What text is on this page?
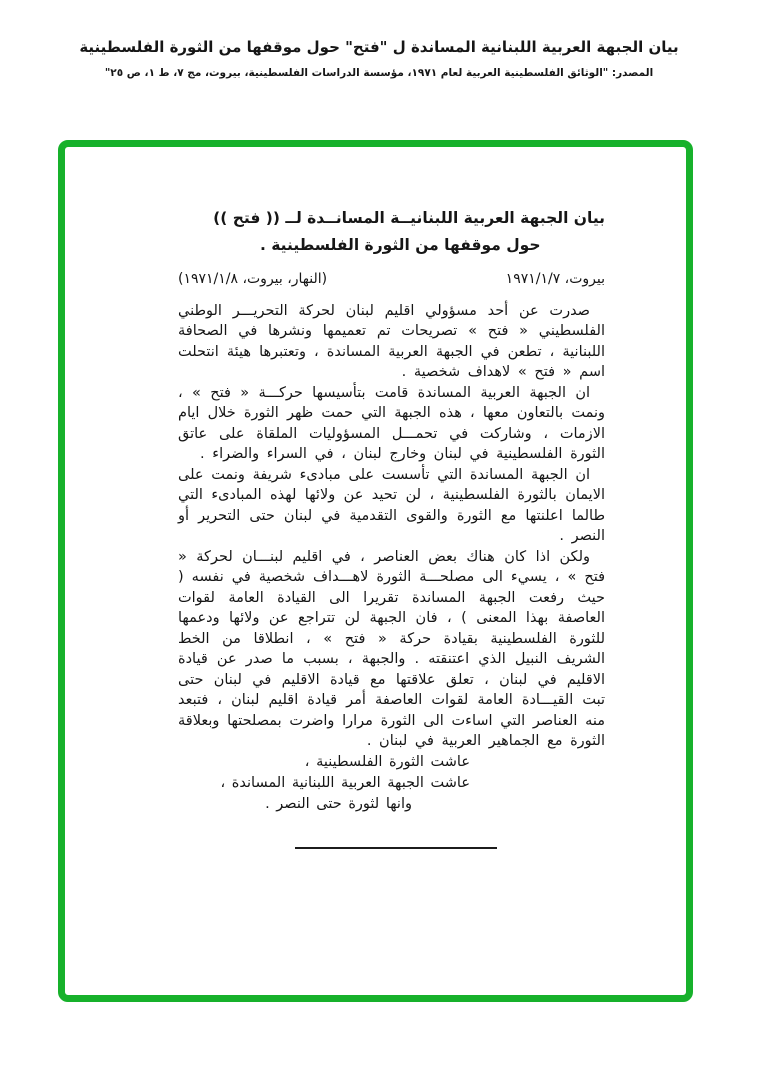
بيان الجبهة العربية اللبنانية المساندة ل "فتح" حول موقفها من الثورة الفلسطينية
المصدر: "الوثائق الفلسطينية العربية لعام ١٩٧١، مؤسسة الدراسات الفلسطينية، بيروت، مج ٧، ط ١، ص ٢٥"
بيان الجبهة العربية اللبنانيــة المسانــدة لــ (( فتح ))
حول موقفها من الثورة الفلسطينية .
بيروت، ١٩٧١/١/٧
(النهار، بيروت، ١٩٧١/١/٨)

صدرت عن أحد مسؤولي اقليم لبنان لحركة التحريـــر الوطني الفلسطيني « فتح » تصريحات تم تعميمها ونشرها في الصحافة اللبنانية ، تطعن في الجبهة العربية المساندة ، وتعتبرها هيئة انتحلت اسم « فتح » لاهداف شخصية .

ان الجبهة العربية المساندة قامت بتأسيسها حركـــة « فتح » ، ونمت بالتعاون معها ، هذه الجبهة التي حمت ظهر الثورة خلال ايام الازمات ، وشاركت في تحمـــل المسؤوليات الملقاة على عاتق الثورة الفلسطينية في لبنان وخارج لبنان ، في السراء والضراء .

ان الجبهة المساندة التي تأسست على مبادىء شريفة ونمت على الايمان بالثورة الفلسطينية ، لن تحيد عن ولائها لهذه المبادىء التي طالما اعلنتها مع الثورة والقوى التقدمية في لبنان حتى التحرير أو النصر .

ولكن اذا كان هناك بعض العناصر ، في اقليم لبنـــان لحركة « فتح » ، يسيء الى مصلحـــة الثورة لاهـــداف شخصية في نفسه ( حيث رفعت الجبهة المساندة تقريرا الى القيادة العامة لقوات العاصفة بهذا المعنى ) ، فان الجبهة لن تتراجع عن ولائها ودعمها للثورة الفلسطينية بقيادة حركة « فتح » ، انطلاقا من الخط الشريف النبيل الذي اعتنقته . والجبهة ، بسبب ما صدر عن قيادة الاقليم في لبنان ، تعلق علاقتها مع قيادة الاقليم في لبنان حتى تبت القيـــادة العامة لقوات العاصفة أمر قيادة اقليم لبنان ، فتبعد منه العناصر التي اساءت الى الثورة مرارا واضرت بمصلحتها وبعلاقة الثورة مع الجماهير العربية في لبنان .

عاشت الثورة الفلسطينية ،
عاشت الجبهة العربية اللبنانية المساندة ،
وانها لثورة حتى النصر .
